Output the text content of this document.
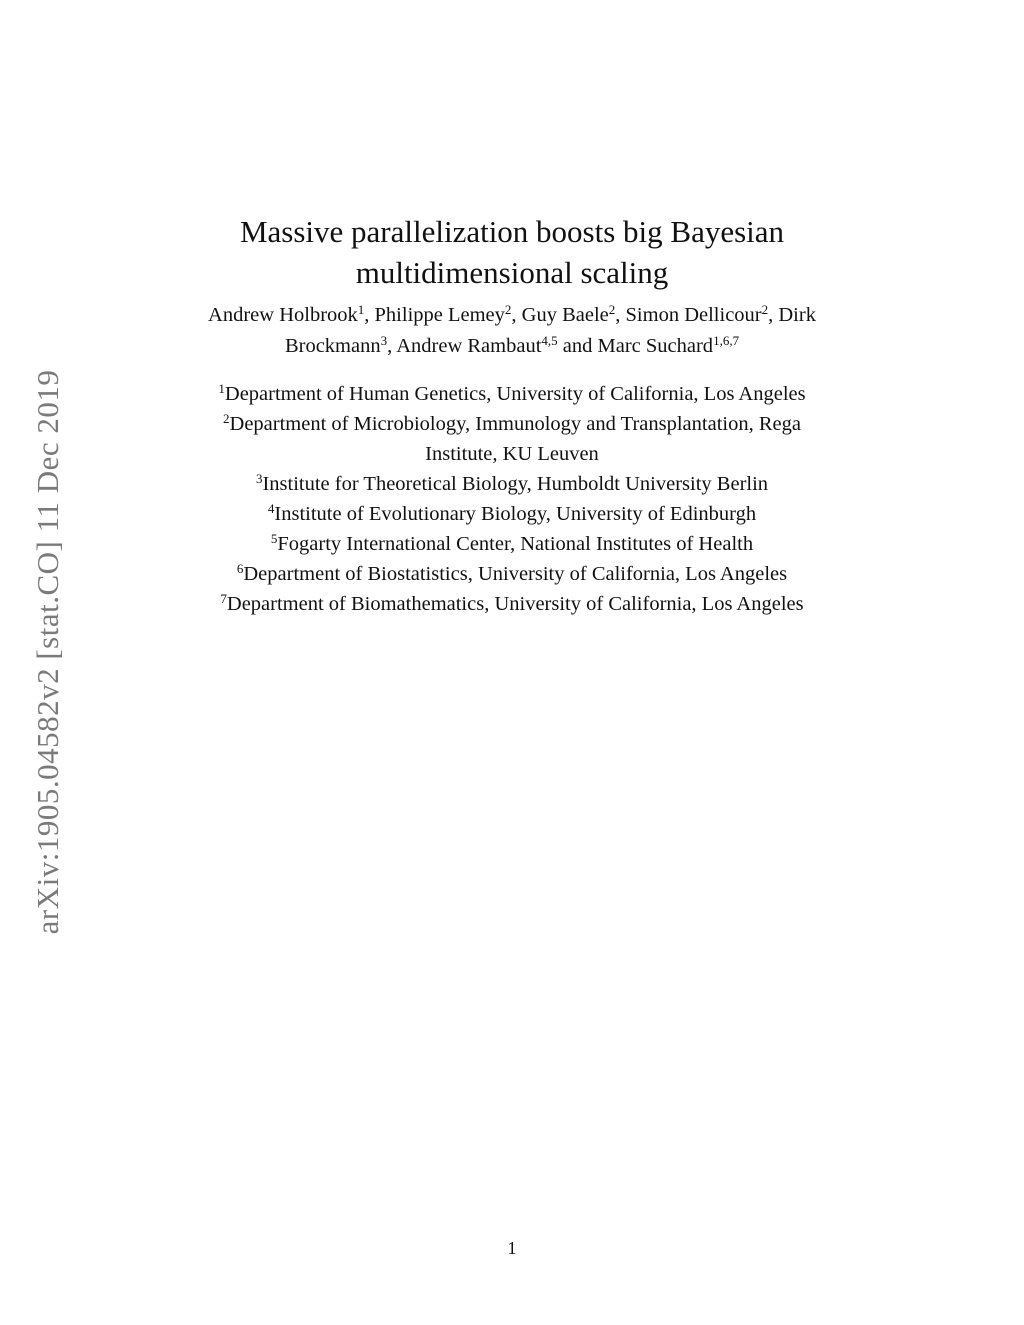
arXiv:1905.04582v2 [stat.CO] 11 Dec 2019
Massive parallelization boosts big Bayesian
multidimensional scaling
Andrew Holbrook$^1$, Philippe Lemey$^2$, Guy Baele$^2$, Simon Dellicour$^2$, Dirk
Brockmann$^3$, Andrew Rambaut$^{4,5}$ and Marc Suchard$^{1,6,7}$
$^1$Department of Human Genetics, University of California, Los Angeles
$^2$Department of Microbiology, Immunology and Transplantation, Rega
Institute, KU Leuven
$^3$Institute for Theoretical Biology, Humboldt University Berlin
$^4$Institute of Evolutionary Biology, University of Edinburgh
$^5$Fogarty International Center, National Institutes of Health
$^6$Department of Biostatistics, University of California, Los Angeles
$^7$Department of Biomathematics, University of California, Los Angeles
1
